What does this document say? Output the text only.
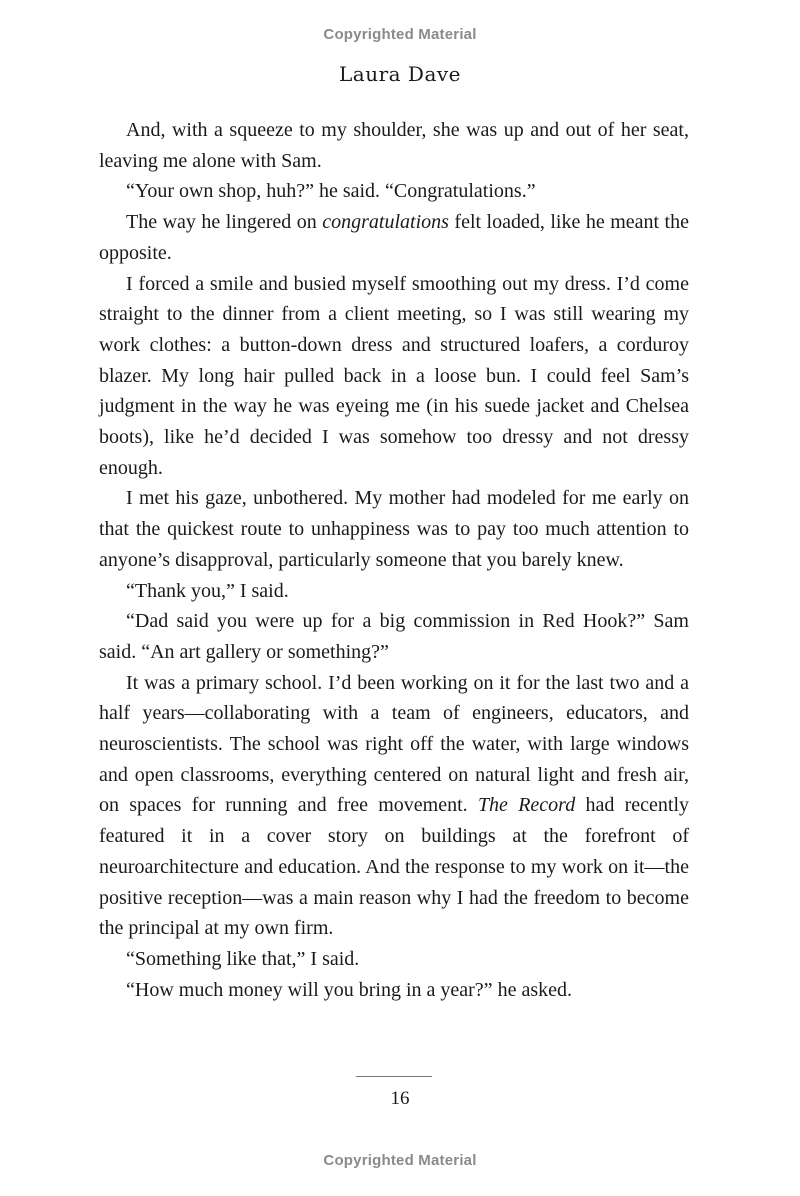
Copyrighted Material
Laura Dave

And, with a squeeze to my shoulder, she was up and out of her seat, leaving me alone with Sam.

“Your own shop, huh?” he said. “Congratulations.”

The way he lingered on congratulations felt loaded, like he meant the opposite.

I forced a smile and busied myself smoothing out my dress. I’d come straight to the dinner from a client meeting, so I was still wearing my work clothes: a button-down dress and structured loafers, a corduroy blazer. My long hair pulled back in a loose bun. I could feel Sam’s judgment in the way he was eyeing me (in his suede jacket and Chelsea boots), like he’d decided I was somehow too dressy and not dressy enough.

I met his gaze, unbothered. My mother had modeled for me early on that the quickest route to unhappiness was to pay too much attention to anyone’s disapproval, particularly someone that you barely knew.

“Thank you,” I said.

“Dad said you were up for a big commission in Red Hook?” Sam said. “An art gallery or something?”

It was a primary school. I’d been working on it for the last two and a half years—collaborating with a team of engineers, educators, and neuroscientists. The school was right off the water, with large windows and open classrooms, everything centered on natural light and fresh air, on spaces for running and free movement. The Record had recently featured it in a cover story on buildings at the forefront of neuroarchitecture and education. And the response to my work on it—the positive reception—was a main reason why I had the freedom to become the principal at my own firm.

“Something like that,” I said.

“How much money will you bring in a year?” he asked.

16
Copyrighted Material
